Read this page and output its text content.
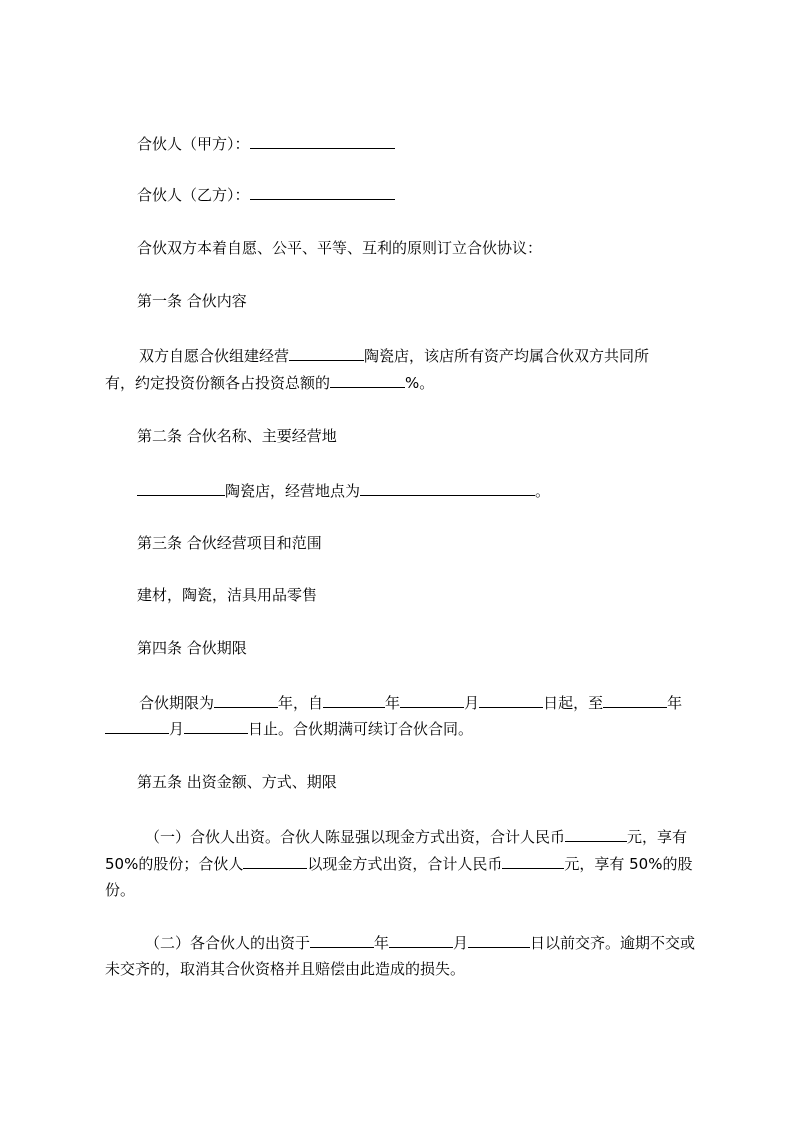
合伙人（甲方）：
合伙人（乙方）：
合伙双方本着自愿、公平、平等、互利的原则订立合伙协议：
第一条 合伙内容
双方自愿合伙组建经营	陶瓷店，该店所有资产均属合伙双方共同所
有，约定投资份额各占投资总额的	%。
第二条 合伙名称、主要经营地
陶瓷店，经营地点为	。
第三条 合伙经营项目和范围
建材，陶瓷，洁具用品零售
第四条 合伙期限
合伙期限为	年，自	年	月	日起，至	年
月	日止。合伙期满可续订合伙合同。
第五条 出资金额、方式、期限
（一）合伙人出资。合伙人陈显强以现金方式出资，合计人民币	元，享有
50%的股份；合伙人	以现金方式出资，合计人民币	元，享有 50%的股
份。
（二）各合伙人的出资于	年	月	日以前交齐。逾期不交或
未交齐的，取消其合伙资格并且赔偿由此造成的损失。
